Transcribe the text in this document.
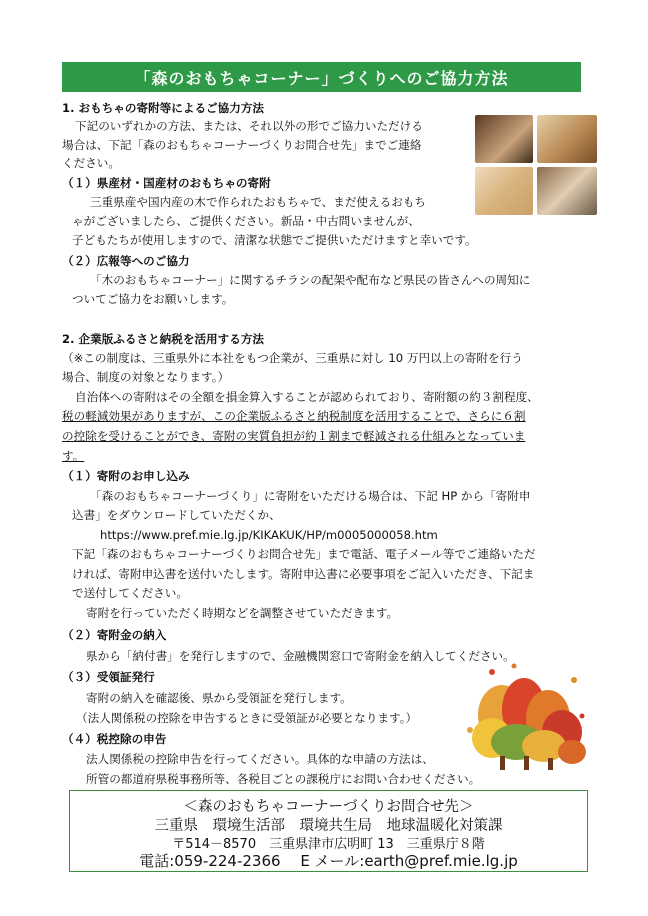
「森のおもちゃコーナー」づくりへのご協力方法
1. おもちゃの寄附等によるご協力方法
下記のいずれかの方法、または、それ以外の形でご協力いただける
場合は、下記「森のおもちゃコーナーづくりお問合せ先」までご連絡
ください。
（１）県産材・国産材のおもちゃの寄附
三重県産や国内産の木で作られたおもちゃで、まだ使えるおもち
ゃがございましたら、ご提供ください。新品・中古問いませんが、
子どもたちが使用しますので、清潔な状態でご提供いただけますと幸いです。
（２）広報等へのご協力
「木のおもちゃコーナー」に関するチラシの配架や配布など県民の皆さんへの周知に
ついてご協力をお願いします。
2. 企業版ふるさと納税を活用する方法
（※この制度は、三重県外に本社をもつ企業が、三重県に対し 10 万円以上の寄附を行う
場合、制度の対象となります。）
自治体への寄附はその全額を損金算入することが認められており、寄附額の約３割程度、
税の軽減効果がありますが、この企業版ふるさと納税制度を活用することで、さらに６割
の控除を受けることができ、寄附の実質負担が約１割まで軽減される仕組みとなっていま
す。
（１）寄附のお申し込み
「森のおもちゃコーナーづくり」に寄附をいただける場合は、下記 HP から「寄附申
込書」をダウンロードしていただくか、
https://www.pref.mie.lg.jp/KIKAKUK/HP/m0005000058.htm
下記「森のおもちゃコーナーづくりお問合せ先」まで電話、電子メール等でご連絡いただ
ければ、寄附申込書を送付いたします。寄附申込書に必要事項をご記入いただき、下記ま
で送付してください。
寄附を行っていただく時期などを調整させていただきます。
（２）寄附金の納入
県から「納付書」を発行しますので、金融機関窓口で寄附金を納入してください。
（３）受領証発行
寄附の納入を確認後、県から受領証を発行します。
（法人関係税の控除を申告するときに受領証が必要となります。）
（４）税控除の申告
法人関係税の控除申告を行ってください。具体的な申請の方法は、
所管の都道府県税事務所等、各税目ごとの課税庁にお問い合わせください。
＜森のおもちゃコーナーづくりお問合せ先＞
三重県　環境生活部　環境共生局　地球温暖化対策課
〒514－8570　三重県津市広明町 13　三重県庁８階
電話:059-224-2366　 E メール:earth@pref.mie.lg.jp
